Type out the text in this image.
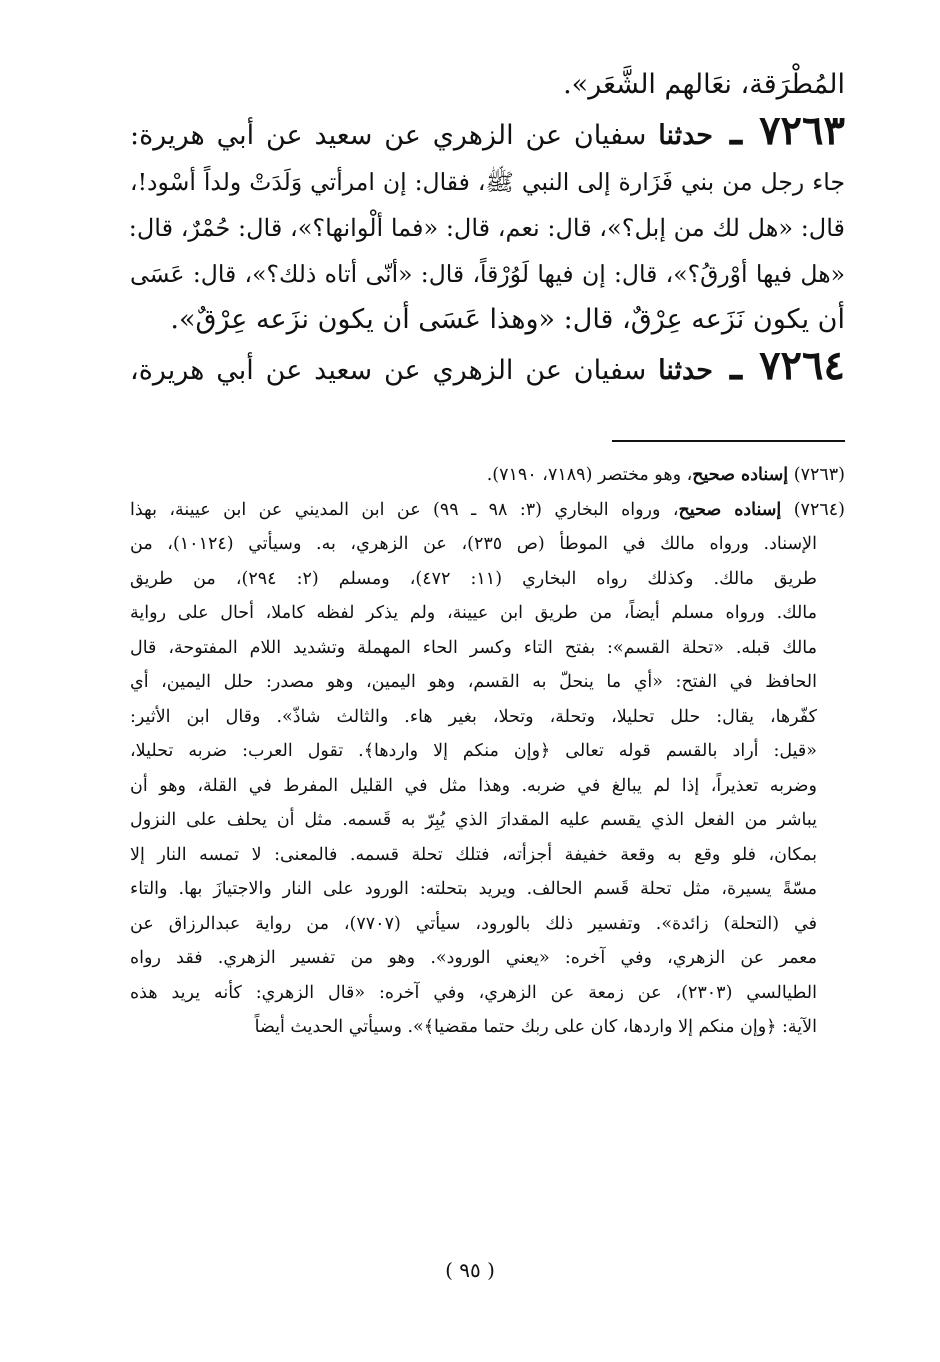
المُطْرَقة، نعَالهم الشَّعَر».
٧٢٦٣ ـ حدثنا سفيان عن الزهري عن سعيد عن أبي هريرة:
جاء رجل من بني فَزَارة إلى النبي ﷺ، فقال: إن امرأتي وَلَدَتْ ولداً أسْود!،
قال: «هل لك من إبل؟»، قال: نعم، قال: «فما ألْوانها؟»، قال: حُمْرٌ، قال:
«هل فيها أوْرقُ؟»، قال: إن فيها لَوُرْقاً، قال: «أنّى أتاه ذلك؟»، قال: عَسَى
أن يكون نَزَعه عِرْقٌ، قال: «وهذا عَسَى أن يكون نزَعه عِرْقٌ».
٧٢٦٤ ـ حدثنا سفيان عن الزهري عن سعيد عن أبي هريرة،
(٧٢٦٣) إسناده صحيح، وهو مختصر (٧١٨٩، ٧١٩٠).
(٧٢٦٤) إسناده صحيح، ورواه البخاري (٣: ٩٨ ـ ٩٩) عن ابن المديني عن ابن عيينة، بهذا
الإسناد. ورواه مالك في الموطأ (ص ٢٣٥)، عن الزهري، به. وسيأتي (١٠١٢٤)، من
طريق مالك. وكذلك رواه البخاري (١١: ٤٧٢)، ومسلم (٢: ٢٩٤)، من طريق
مالك. ورواه مسلم أيضاً، من طريق ابن عيينة، ولم يذكر لفظه كاملا، أحال على رواية
مالك قبله. «تحلة القسم»: بفتح التاء وكسر الحاء المهملة وتشديد اللام المفتوحة، قال
الحافظ في الفتح: «أي ما ينحلّ به القسم، وهو اليمين، وهو مصدر: حلل اليمين، أي
كفّرها، يقال: حلل تحليلا، وتحلة، وتحلا، بغير هاء. والثالث شاذّ». وقال ابن الأثير:
«قيل: أراد بالقسم قوله تعالى ﴿وإن منكم إلا واردها﴾. تقول العرب: ضربه تحليلا،
وضربه تعذيراً، إذا لم يبالغ في ضربه. وهذا مثل في القليل المفرط في القلة، وهو أن
يباشر من الفعل الذي يقسم عليه المقدارَ الذي يُبِرّ به قَسمه. مثل أن يحلف على النزول
بمكان، فلو وقع به وقعة خفيفة أجزأته، فتلك تحلة قسمه. فالمعنى: لا تمسه النار إلا
مسّةً يسيرة، مثل تحلة قَسم الحالف. ويريد بتحلته: الورود على النار والاجتيازَ بها. والتاء
في (التحلة) زائدة». وتفسير ذلك بالورود، سيأتي (٧٧٠٧)، من رواية عبدالرزاق عن
معمر عن الزهري، وفي آخره: «يعني الورود». وهو من تفسير الزهري. فقد رواه
الطيالسي (٢٣٠٣)، عن زمعة عن الزهري، وفي آخره: «قال الزهري: كأنه يريد هذه
الآية: ﴿وإن منكم إلا واردها، كان على ربك حتما مقضيا﴾». وسيأتي الحديث أيضاً
( ٩٥ )
